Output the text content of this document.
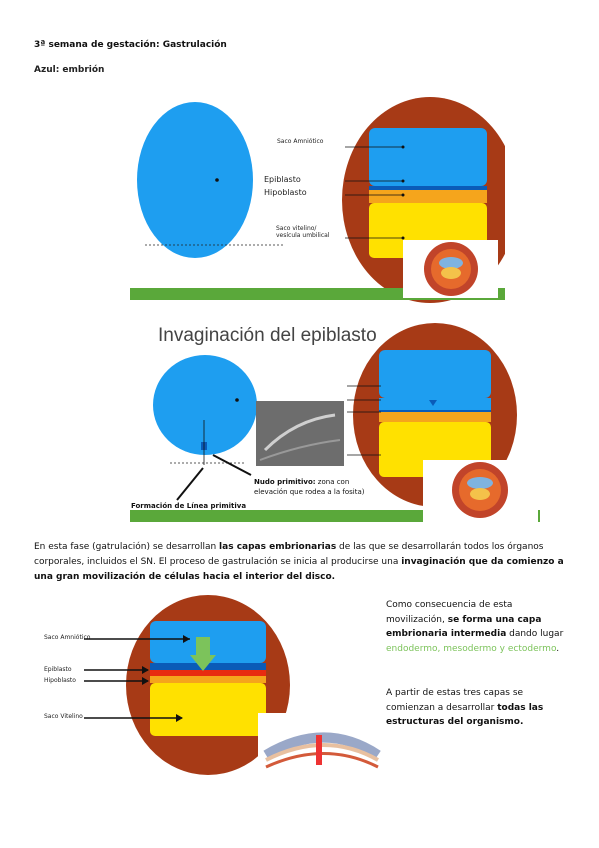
3ª semana de gestación: Gastrulación
Azul: embrión
Saco Amniótico
Epiblasto
Hipoblasto
Saco vitelino/ vesícula umbilical
Invaginación del epiblasto
Nudo primitivo: zona con elevación que rodea a la fosita)
Formación de Línea primitiva
En esta fase (gatrulación) se desarrollan las capas embrionarias de las que se desarrollarán todos los órganos corporales, incluidos el SN. El proceso de gastrulación se inicia al producirse una invaginación que da comienzo a una gran movilización de células hacia el interior del disco.
Saco Amniótico
Epiblasto
Hipoblasto
Saco Vitelino
Como consecuencia de esta movilización, se forma una capa embrionaria intermedia dando lugar endodermo, mesodermo y ectodermo.
A partir de estas tres capas se comienzan a desarrollar todas las estructuras del organismo.
